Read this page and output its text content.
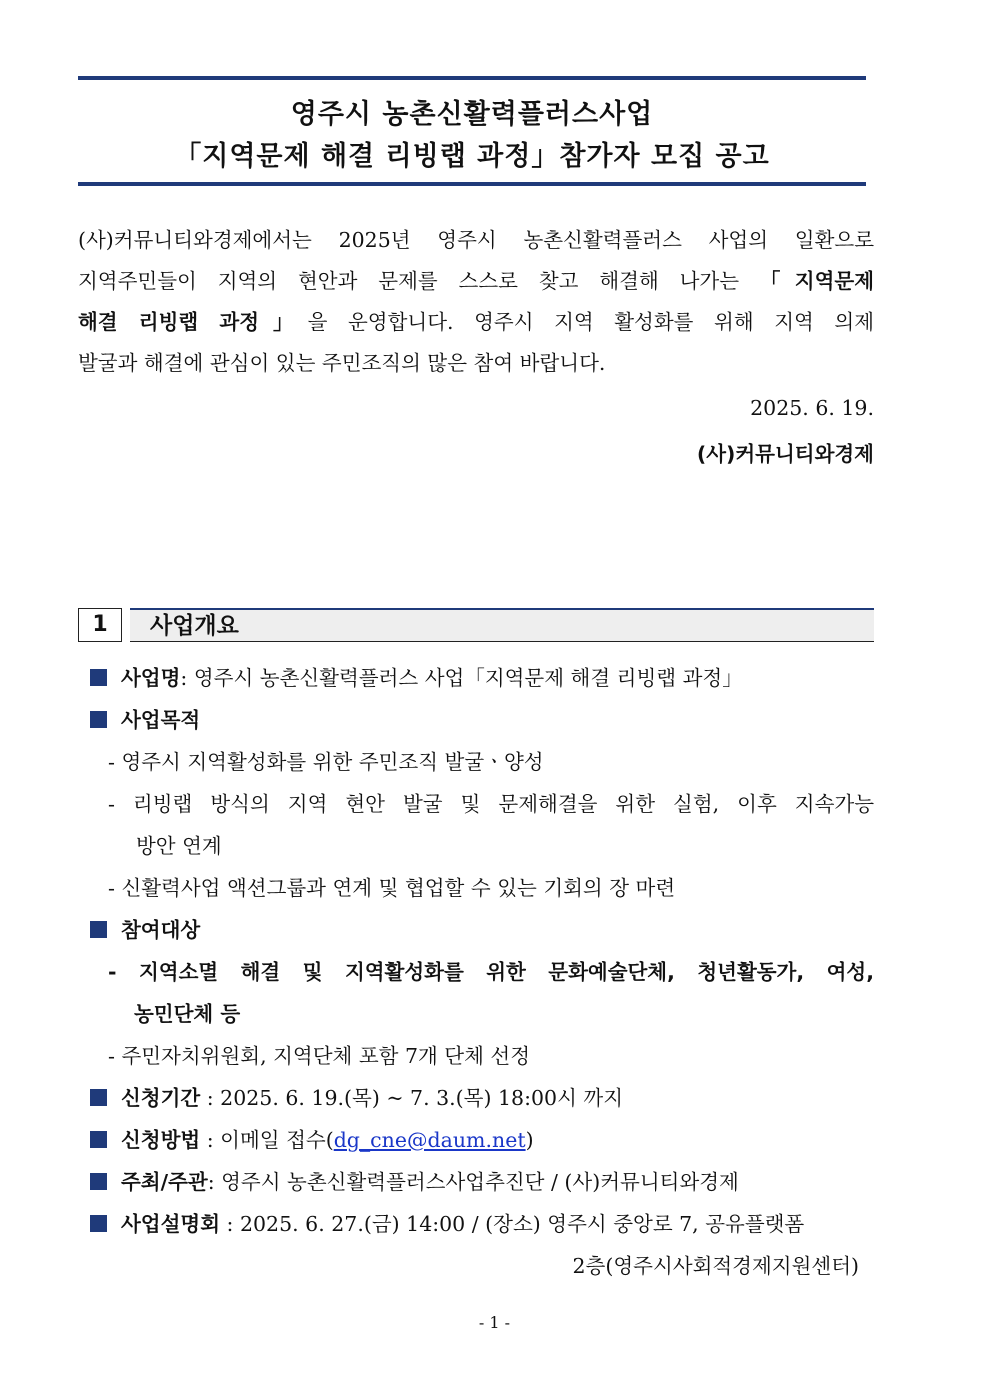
영주시 농촌신활력플러스사업
「지역문제 해결 리빙랩 과정」참가자 모집 공고
(사)커뮤니티와경제에서는 2025년 영주시 농촌신활력플러스 사업의 일환으로
지역주민들이 지역의 현안과 문제를 스스로 찾고 해결해 나가는 「지역문제
해결 리빙랩 과정」을 운영합니다. 영주시 지역 활성화를 위해 지역 의제
발굴과 해결에 관심이 있는 주민조직의 많은 참여 바랍니다.
2025. 6. 19.
(사)커뮤니티와경제
1	사업개요
사업명: 영주시 농촌신활력플러스 사업「지역문제 해결 리빙랩 과정」
사업목적
- 영주시 지역활성화를 위한 주민조직 발굴ㆍ양성
- 리빙랩 방식의 지역 현안 발굴 및 문제해결을 위한 실험, 이후 지속가능
방안 연계
- 신활력사업 액션그룹과 연계 및 협업할 수 있는 기회의 장 마련
참여대상
- 지역소멸 해결 및 지역활성화를 위한 문화예술단체, 청년활동가, 여성,
농민단체 등
- 주민자치위원회, 지역단체 포함 7개 단체 선정
신청기간 : 2025. 6. 19.(목) ~ 7. 3.(목) 18:00시 까지
신청방법 : 이메일 접수(dg_cne@daum.net)
주최/주관: 영주시 농촌신활력플러스사업추진단 / (사)커뮤니티와경제
사업설명회 : 2025. 6. 27.(금) 14:00 / (장소) 영주시 중앙로 7, 공유플랫폼
2층(영주시사회적경제지원센터)
- 1 -
